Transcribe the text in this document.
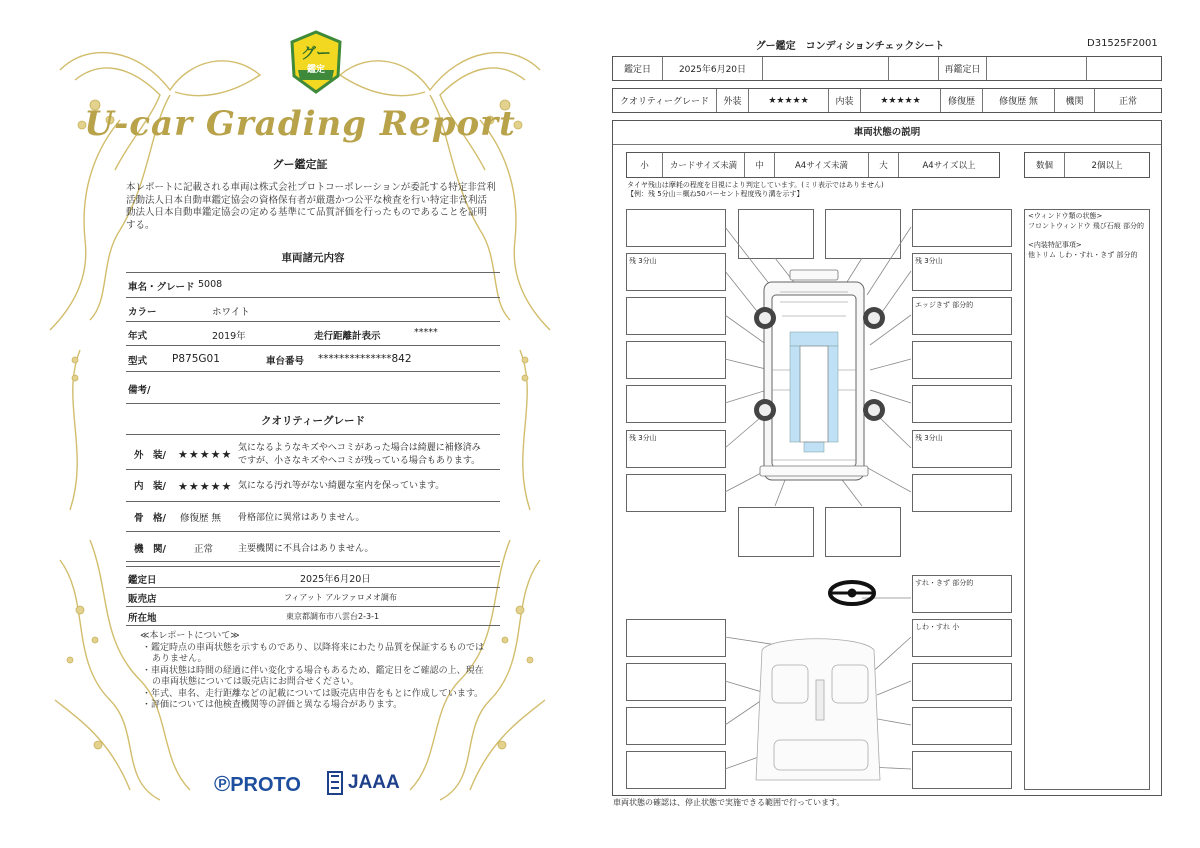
グー
鑑定
U-car Grading Report
グー鑑定証
本レポートに記載される車両は株式会社プロトコーポレーションが委託する特定非営利活動法人日本自動車鑑定協会の資格保有者が厳選かつ公平な検査を行い特定非営利活動法人日本自動車鑑定協会の定める基準にて品質評価を行ったものであることを証明する。
車両諸元内容
車名・グレード 5008
カラー	ホワイト
年式	2019年	走行距離計表示	*****
型式 P875G01	車台番号 **************842
備考/
クオリティーグレード
外　装/ ★★★★★ 気になるようなキズやヘコミがあった場合は綺麗に補修済み
ですが、小さなキズやヘコミが残っている場合もあります。
内　装/ ★★★★★ 気になる汚れ等がない綺麗な室内を保っています。
骨　格/ 修復歴 無 骨格部位に異常はありません。
機　関/	正常	主要機関に不具合はありません。
鑑定日	2025年6月20日
販売店	フィアット アルファロメオ調布
所在地	東京都調布市八雲台2-3-1
≪本レポートについて≫
・鑑定時点の車両状態を示すものであり、以降将来にわたり品質を保証するものではありません。
・車両状態は時間の経過に伴い変化する場合もあるため、鑑定日をご確認の上、現在の車両状態については販売店にお問合せください。
・年式、車名、走行距離などの記載については販売店申告をもとに作成しています。
・評価については他検査機関等の評価と異なる場合があります。
℗PROTO JAAA
グー鑑定　コンディションチェックシート	D31525F2001
鑑定日	2025年6月20日	再鑑定日
クオリティーグレード	外装	★★★★★	内装	★★★★★	修復歴	修復歴 無	機関	正常
車両状態の説明
小	カードサイズ未満	中	A4サイズ未満	大	A4サイズ以上	数個	2個以上
タイヤ残山は摩耗の程度を目視により判定しています。(ミリ表示ではありません)
【例：残 5分山＝概ね50パーセント程度残り溝を示す】
残 3分山
残 3分山
残 3分山
エッジきず 部分的
残 3分山
すれ・きず 部分的
しわ・すれ 小
<ウィンドウ類の状態>
フロントウィンドウ 飛び石痕 部分的
<内装特記事項>
他トリム しわ・すれ・きず 部分的
車両状態の確認は、停止状態で実施できる範囲で行っています。
